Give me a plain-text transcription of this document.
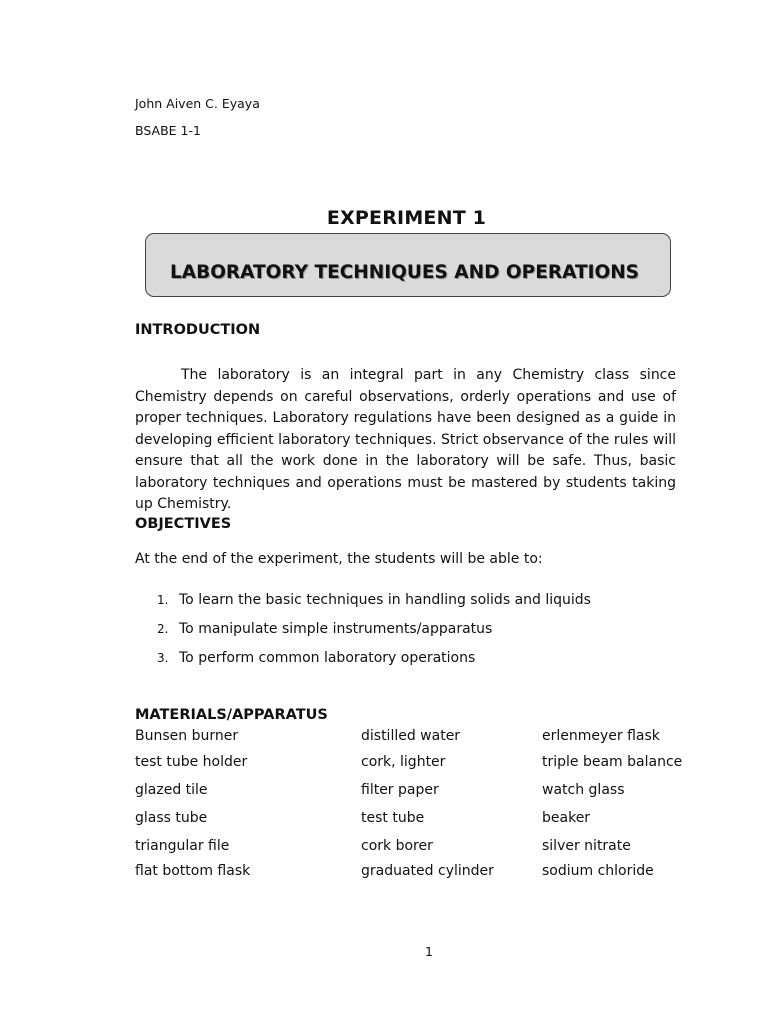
John Aiven C. Eyaya
BSABE 1-1
EXPERIMENT 1
LABORATORY TECHNIQUES AND OPERATIONS
INTRODUCTION

The laboratory is an integral part in any Chemistry class since Chemistry depends on careful observations, orderly operations and use of proper techniques. Laboratory regulations have been designed as a guide in developing efficient laboratory techniques. Strict observance of the rules will ensure that all the work done in the laboratory will be safe. Thus, basic laboratory techniques and operations must be mastered by students taking up Chemistry.

OBJECTIVES
At the end of the experiment, the students will be able to:
1. To learn the basic techniques in handling solids and liquids
2. To manipulate simple instruments/apparatus
3. To perform common laboratory operations
MATERIALS/APPARATUS
Bunsen burner	distilled water	erlenmeyer flask
test tube holder	cork, lighter	triple beam balance
glazed tile	filter paper	watch glass
glass tube	test tube	beaker
triangular file	cork borer	silver nitrate
flat bottom flask	graduated cylinder	sodium chloride
1
